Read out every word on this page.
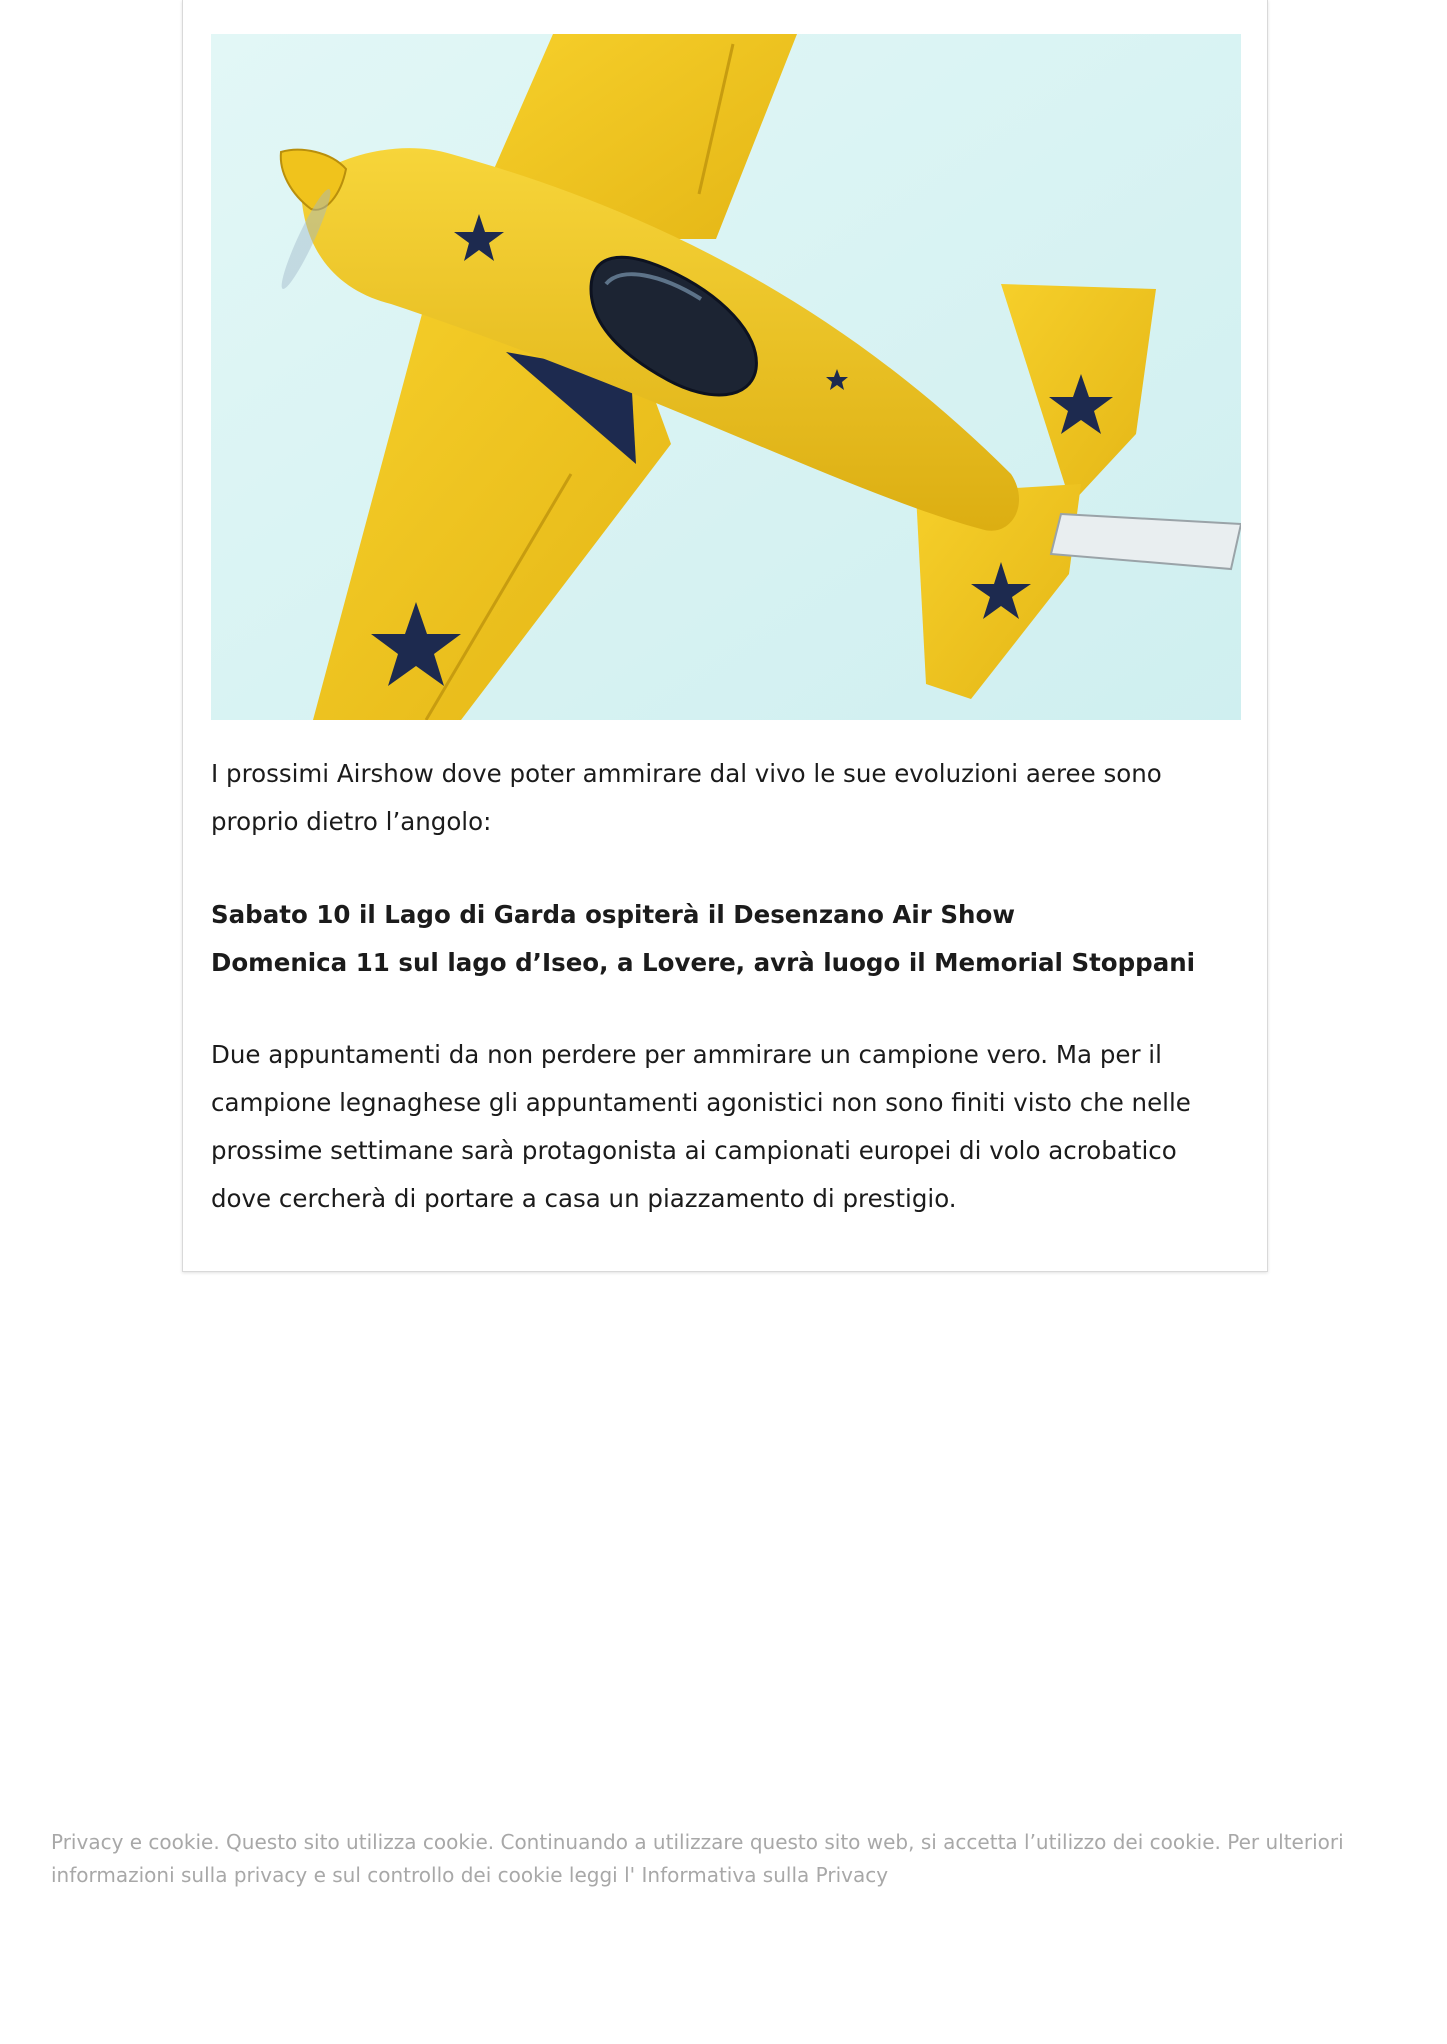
I prossimi Airshow dove poter ammirare dal vivo le sue evoluzioni aeree sono proprio dietro l’angolo:

Sabato 10 il Lago di Garda ospiterà il Desenzano Air Show
Domenica 11 sul lago d’Iseo, a Lovere, avrà luogo il Memorial Stoppani

Due appuntamenti da non perdere per ammirare un campione vero. Ma per il campione legnaghese gli appuntamenti agonistici non sono finiti visto che nelle prossime settimane sarà protagonista ai campionati europei di volo acrobatico dove cercherà di portare a casa un piazzamento di prestigio.

Privacy e cookie. Questo sito utilizza cookie. Continuando a utilizzare questo sito web, si accetta l’utilizzo dei cookie. Per ulteriori informazioni sulla privacy e sul controllo dei cookie leggi l' Informativa sulla Privacy
